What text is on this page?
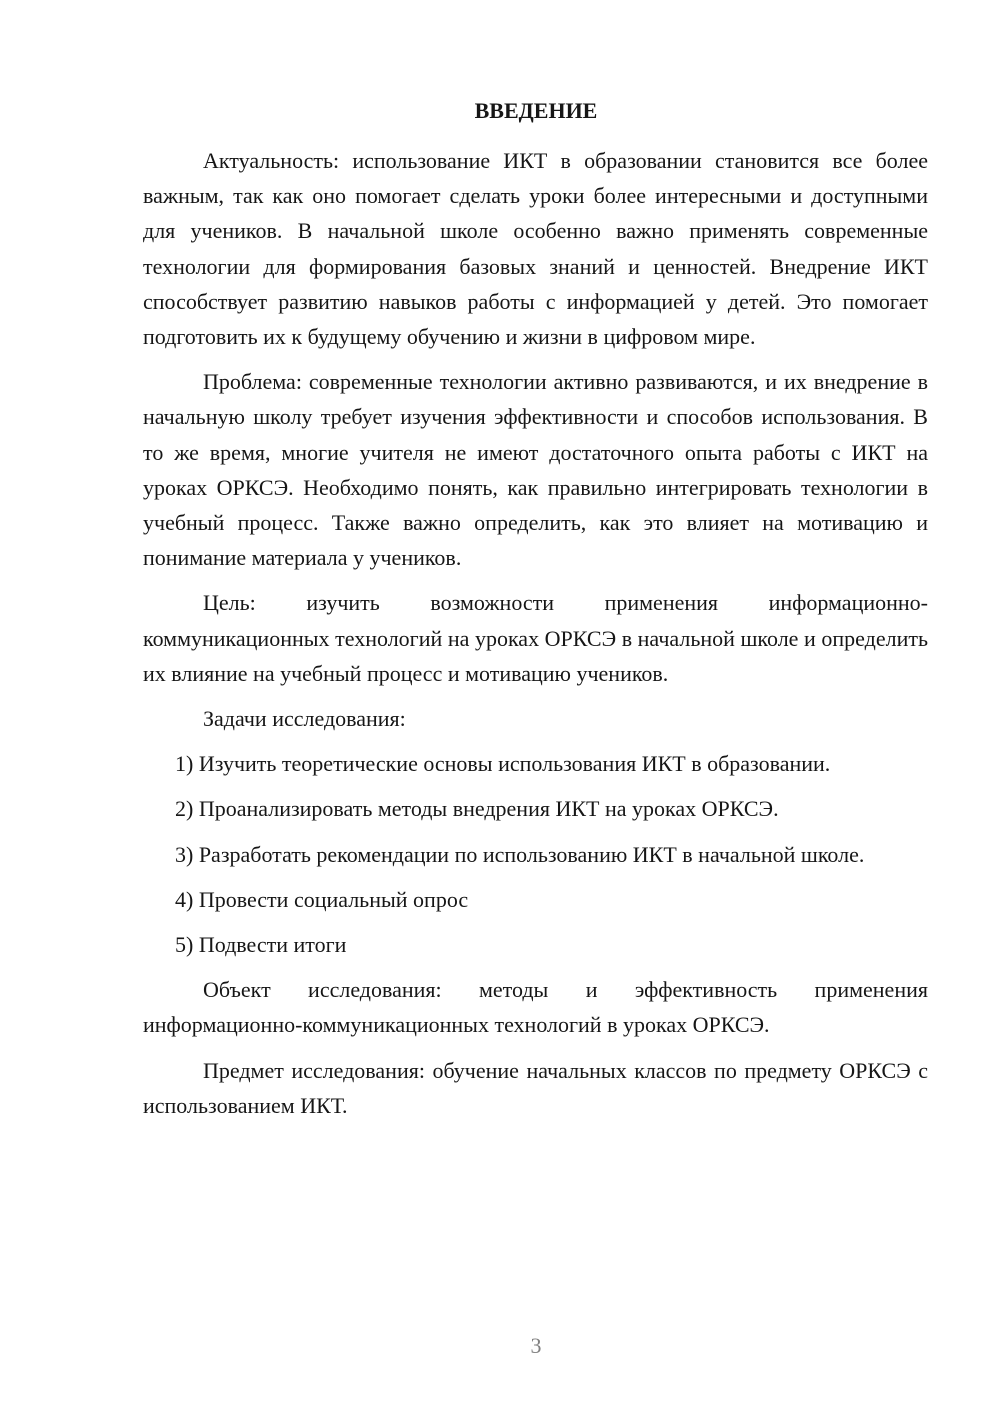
ВВЕДЕНИЕ

Актуальность: использование ИКТ в образовании становится все более важным, так как оно помогает сделать уроки более интересными и доступными для учеников. В начальной школе особенно важно применять современные технологии для формирования базовых знаний и ценностей. Внедрение ИКТ способствует развитию навыков работы с информацией у детей. Это помогает подготовить их к будущему обучению и жизни в цифровом мире.

Проблема: современные технологии активно развиваются, и их внедрение в начальную школу требует изучения эффективности и способов использования. В то же время, многие учителя не имеют достаточного опыта работы с ИКТ на уроках ОРКСЭ. Необходимо понять, как правильно интегрировать технологии в учебный процесс. Также важно определить, как это влияет на мотивацию и понимание материала у учеников.

Цель: изучить возможности применения информационно-коммуникационных технологий на уроках ОРКСЭ в начальной школе и определить их влияние на учебный процесс и мотивацию учеников.

Задачи исследования:

1) Изучить теоретические основы использования ИКТ в образовании.

2) Проанализировать методы внедрения ИКТ на уроках ОРКСЭ.

3) Разработать рекомендации по использованию ИКТ в начальной школе.

4) Провести социальный опрос

5) Подвести итоги

Объект исследования: методы и эффективность применения информационно-коммуникационных технологий в уроках ОРКСЭ.

Предмет исследования: обучение начальных классов по предмету ОРКСЭ с использованием ИКТ.

3
